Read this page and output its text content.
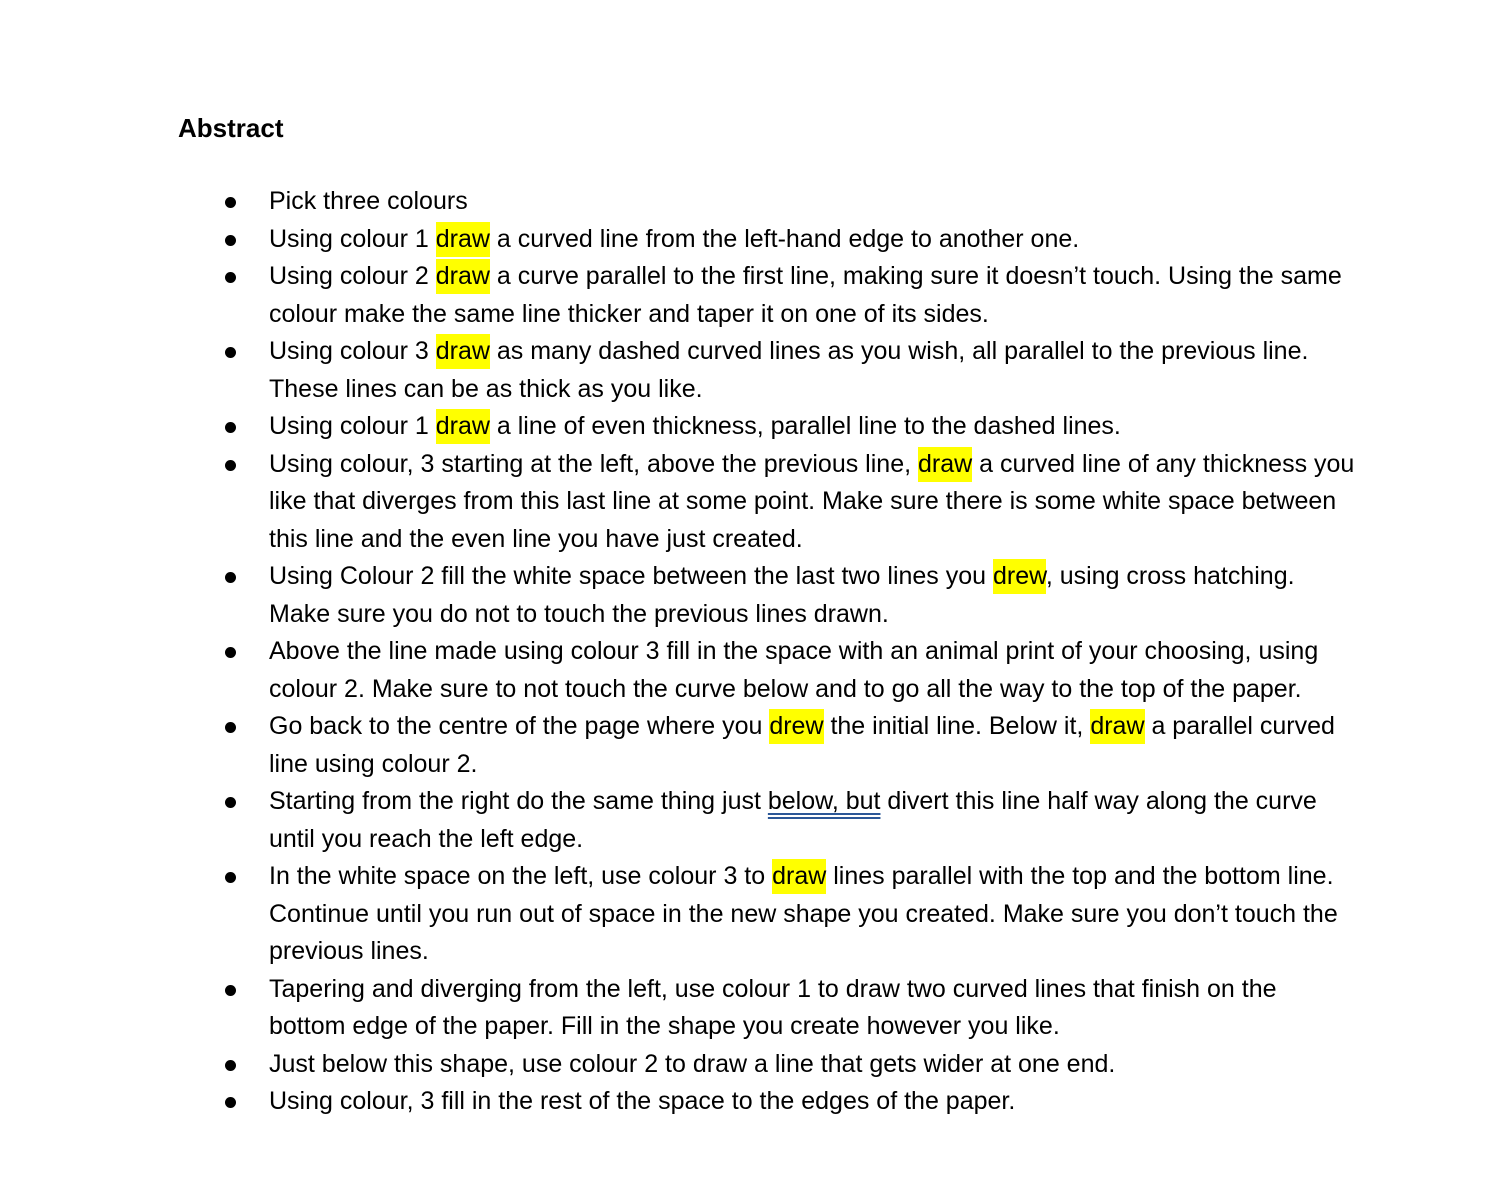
Abstract
Pick three colours
Using colour 1 draw a curved line from the left-hand edge to another one.
Using colour 2 draw a curve parallel to the first line, making sure it doesn’t touch. Using the same colour make the same line thicker and taper it on one of its sides.
Using colour 3 draw as many dashed curved lines as you wish, all parallel to the previous line. These lines can be as thick as you like.
Using colour 1 draw a line of even thickness, parallel line to the dashed lines.
Using colour, 3 starting at the left, above the previous line, draw a curved line of any thickness you like that diverges from this last line at some point. Make sure there is some white space between this line and the even line you have just created.
Using Colour 2 fill the white space between the last two lines you drew, using cross hatching. Make sure you do not to touch the previous lines drawn.
Above the line made using colour 3 fill in the space with an animal print of your choosing, using colour 2. Make sure to not touch the curve below and to go all the way to the top of the paper.
Go back to the centre of the page where you drew the initial line. Below it, draw a parallel curved line using colour 2.
Starting from the right do the same thing just below, but divert this line half way along the curve until you reach the left edge.
In the white space on the left, use colour 3 to draw lines parallel with the top and the bottom line. Continue until you run out of space in the new shape you created. Make sure you don’t touch the previous lines.
Tapering and diverging from the left, use colour 1 to draw two curved lines that finish on the bottom edge of the paper. Fill in the shape you create however you like.
Just below this shape, use colour 2 to draw a line that gets wider at one end.
Using colour, 3 fill in the rest of the space to the edges of the paper.
